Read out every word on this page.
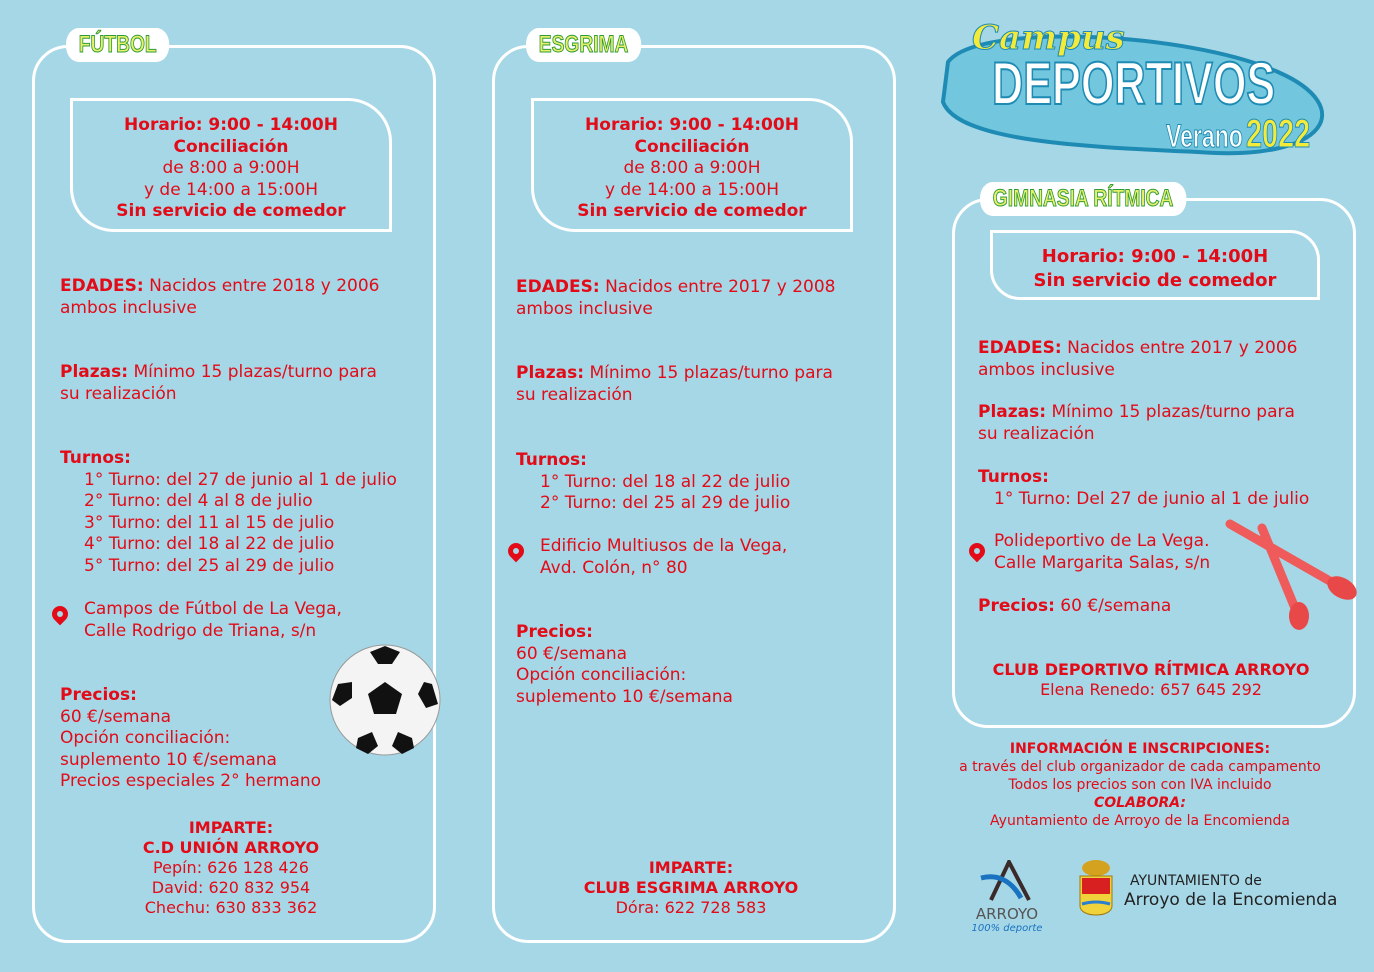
FÚTBOL
Horario: 9:00 - 14:00H
Conciliación
de 8:00 a 9:00H
y de 14:00 a 15:00H
Sin servicio de comedor
EDADES: Nacidos entre 2018 y 2006
ambos inclusive
Plazas: Mínimo 15 plazas/turno para
su realización
Turnos:
1° Turno: del 27 de junio al 1 de julio
2° Turno: del 4 al 8 de julio
3° Turno: del 11 al 15 de julio
4° Turno: del 18 al 22 de julio
5° Turno: del 25 al 29 de julio
Campos de Fútbol de La Vega,
Calle Rodrigo de Triana, s/n
Precios:
60 €/semana
Opción conciliación:
suplemento 10 €/semana
Precios especiales 2° hermano
IMPARTE:
C.D UNIÓN ARROYO
Pepín: 626 128 426
David: 620 832 954
Chechu: 630 833 362
ESGRIMA
Horario: 9:00 - 14:00H
Conciliación
de 8:00 a 9:00H
y de 14:00 a 15:00H
Sin servicio de comedor
EDADES: Nacidos entre 2017 y 2008
ambos inclusive
Plazas: Mínimo 15 plazas/turno para
su realización
Turnos:
1° Turno: del 18 al 22 de julio
2° Turno: del 25 al 29 de julio
Edificio Multiusos de la Vega,
Avd. Colón, n° 80
Precios:
60 €/semana
Opción conciliación:
suplemento 10 €/semana
IMPARTE:
CLUB ESGRIMA ARROYO
Dóra: 622 728 583
Campus
DEPORTIVOS
Verano 2022
GIMNASIA RÍTMICA
Horario: 9:00 - 14:00H
Sin servicio de comedor
EDADES: Nacidos entre 2017 y 2006
ambos inclusive
Plazas: Mínimo 15 plazas/turno para
su realización
Turnos:
1° Turno: Del 27 de junio al 1 de julio
Polideportivo de La Vega.
Calle Margarita Salas, s/n
Precios: 60 €/semana
CLUB DEPORTIVO RÍTMICA ARROYO
Elena Renedo: 657 645 292
INFORMACIÓN E INSCRIPCIONES:
a través del club organizador de cada campamento
Todos los precios son con IVA incluido
COLABORA:
Ayuntamiento de Arroyo de la Encomienda
ARROYO
100% deporte
AYUNTAMIENTO de
Arroyo de la Encomienda
